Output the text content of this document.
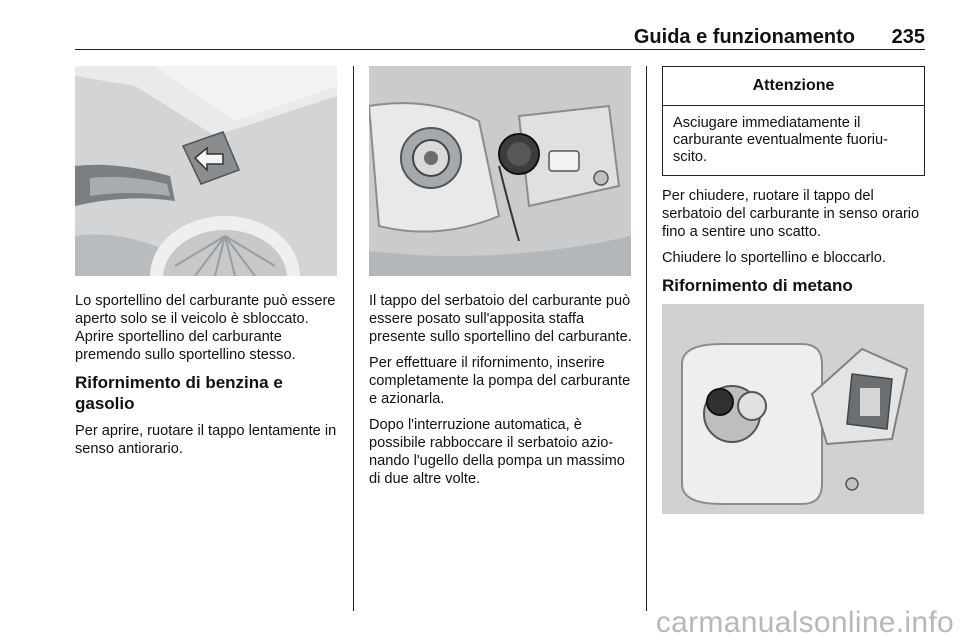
Guida e funzionamento 235

Lo sportellino del carburante può essere aperto solo se il veicolo è sbloccato. Aprire sportellino del carburante premendo sullo sportellino stesso.

Rifornimento di benzina e gasolio

Per aprire, ruotare il tappo lentamente in senso antiorario.

Il tappo del serbatoio del carburante può essere posato sull'apposita staffa presente sullo sportellino del carburante.

Per effettuare il rifornimento, inserire completamente la pompa del carburante e azionarla.

Dopo l'interruzione automatica, è possibile rabboccare il serbatoio azionando l'ugello della pompa un massimo di due altre volte.

Attenzione
Asciugare immediatamente il carburante eventualmente fuoriuscito.

Per chiudere, ruotare il tappo del serbatoio del carburante in senso orario fino a sentire uno scatto.

Chiudere lo sportellino e bloccarlo.

Rifornimento di metano
carmanualsonline.info
